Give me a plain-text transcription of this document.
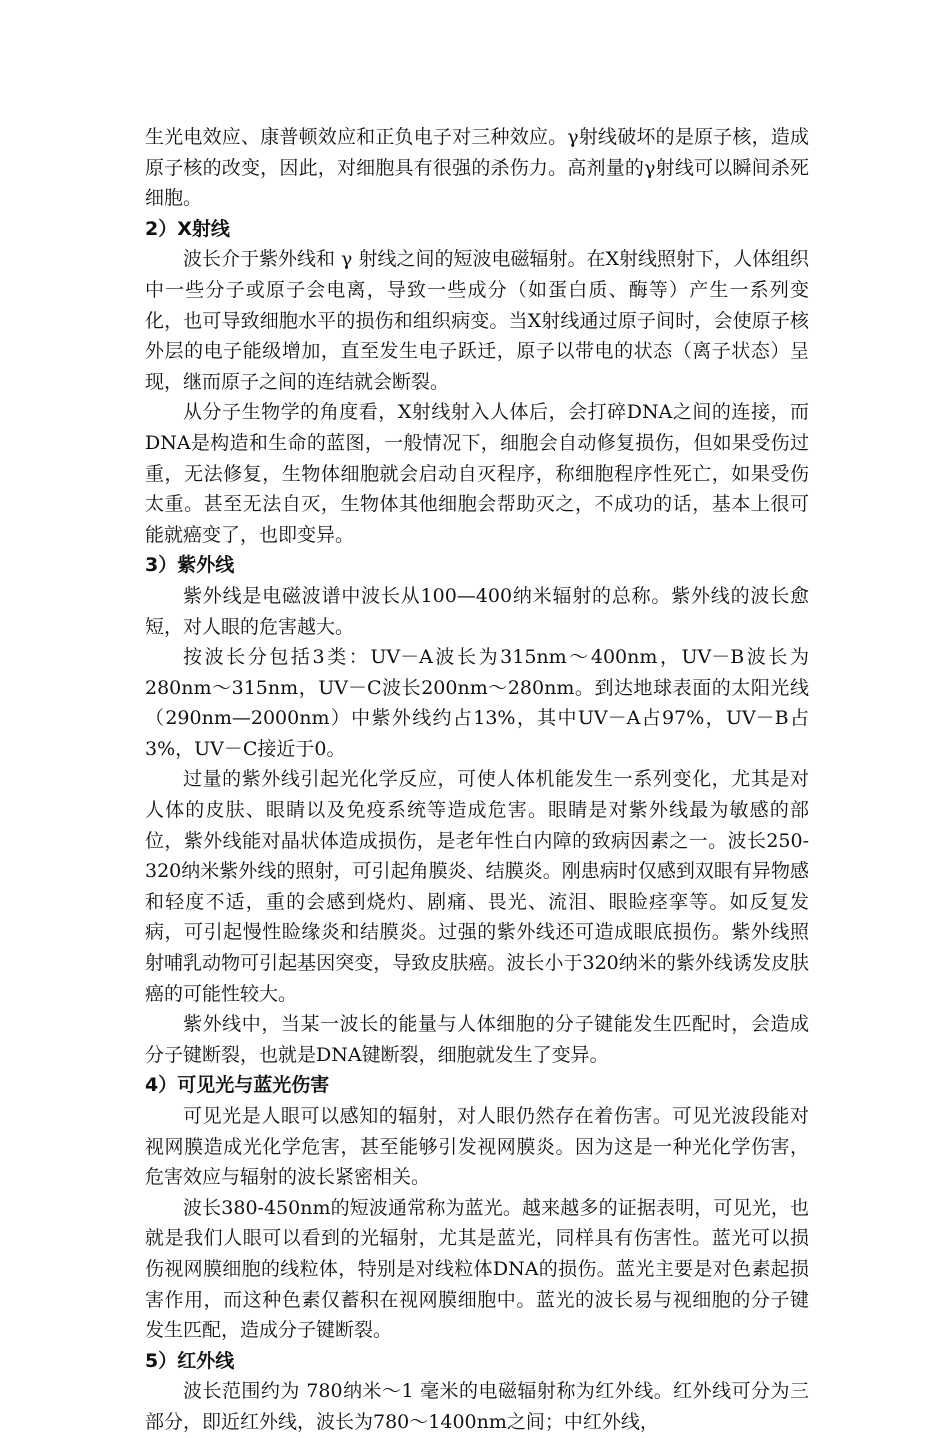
生光电效应、康普顿效应和正负电子对三种效应。γ射线破坏的是原子核，造成原子核的改变，因此，对细胞具有很强的杀伤力。高剂量的γ射线可以瞬间杀死细胞。

2）X射线

波长介于紫外线和 γ 射线之间的短波电磁辐射。在X射线照射下，人体组织中一些分子或原子会电离，导致一些成分（如蛋白质、酶等）产生一系列变化，也可导致细胞水平的损伤和组织病变。当X射线通过原子间时，会使原子核外层的电子能级增加，直至发生电子跃迁，原子以带电的状态（离子状态）呈现，继而原子之间的连结就会断裂。

从分子生物学的角度看，X射线射入人体后，会打碎DNA之间的连接，而DNA是构造和生命的蓝图，一般情况下，细胞会自动修复损伤，但如果受伤过重，无法修复，生物体细胞就会启动自灭程序，称细胞程序性死亡，如果受伤太重。甚至无法自灭，生物体其他细胞会帮助灭之，不成功的话，基本上很可能就癌变了，也即变异。

3）紫外线

紫外线是电磁波谱中波长从100—400纳米辐射的总称。紫外线的波长愈短，对人眼的危害越大。

按波长分包括3类：UV－A波长为315nm～400nm，UV－B波长为280nm～315nm，UV－C波长200nm～280nm。到达地球表面的太阳光线（290nm—2000nm）中紫外线约占13%，其中UV－A占97%，UV－B占3%，UV－C接近于0。

过量的紫外线引起光化学反应，可使人体机能发生一系列变化，尤其是对人体的皮肤、眼睛以及免疫系统等造成危害。眼睛是对紫外线最为敏感的部位，紫外线能对晶状体造成损伤，是老年性白内障的致病因素之一。波长250-320纳米紫外线的照射，可引起角膜炎、结膜炎。刚患病时仅感到双眼有异物感和轻度不适，重的会感到烧灼、剧痛、畏光、流泪、眼睑痉挛等。如反复发病，可引起慢性睑缘炎和结膜炎。过强的紫外线还可造成眼底损伤。紫外线照射哺乳动物可引起基因突变，导致皮肤癌。波长小于320纳米的紫外线诱发皮肤癌的可能性较大。

紫外线中，当某一波长的能量与人体细胞的分子键能发生匹配时，会造成分子键断裂，也就是DNA键断裂，细胞就发生了变异。

4）可见光与蓝光伤害

可见光是人眼可以感知的辐射，对人眼仍然存在着伤害。可见光波段能对视网膜造成光化学危害，甚至能够引发视网膜炎。因为这是一种光化学伤害，危害效应与辐射的波长紧密相关。

波长380-450nm的短波通常称为蓝光。越来越多的证据表明，可见光，也就是我们人眼可以看到的光辐射，尤其是蓝光，同样具有伤害性。蓝光可以损伤视网膜细胞的线粒体，特别是对线粒体DNA的损伤。蓝光主要是对色素起损害作用，而这种色素仅蓄积在视网膜细胞中。蓝光的波长易与视细胞的分子键发生匹配，造成分子键断裂。

5）红外线

波长范围约为 780纳米～1 毫米的电磁辐射称为红外线。红外线可分为三部分，即近红外线，波长为780～1400nm之间；中红外线，
